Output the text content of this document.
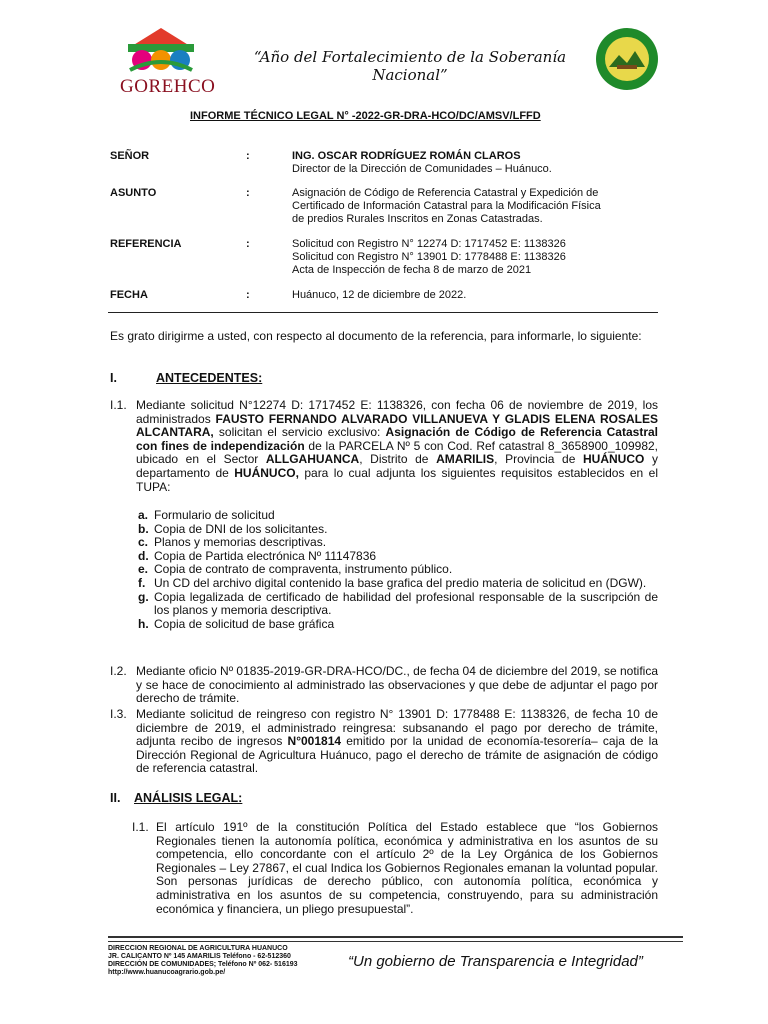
GOREHCO
“Año del Fortalecimiento de la Soberanía Nacional”
INFORME TÉCNICO LEGAL N° -2022-GR-DRA-HCO/DC/AMSV/LFFD
SEÑOR	:	ING. OSCAR RODRÍGUEZ ROMÁN CLAROS
Director de la Dirección de Comunidades – Huánuco.
ASUNTO	:	Asignación de Código de Referencia Catastral y Expedición de
Certificado de Información Catastral para la Modificación Física
de predios Rurales Inscritos en Zonas Catastradas.
REFERENCIA	:	Solicitud con Registro N° 12274 D: 1717452 E: 1138326
Solicitud con Registro N° 13901 D: 1778488 E: 1138326
Acta de Inspección de fecha 8 de marzo de 2021
FECHA	:	Huánuco, 12 de diciembre de 2022.
Es grato dirigirme a usted, con respecto al documento de la referencia, para informarle, lo siguiente:
I.	ANTECEDENTES:
I.1. Mediante solicitud N°12274 D: 1717452 E: 1138326, con fecha 06 de noviembre de 2019, los administrados FAUSTO FERNANDO ALVARADO VILLANUEVA Y GLADIS ELENA ROSALES ALCANTARA, solicitan el servicio exclusivo: Asignación de Código de Referencia Catastral con fines de independización de la PARCELA Nº 5 con Cod. Ref catastral 8_3658900_109982, ubicado en el Sector ALLGAHUANCA, Distrito de AMARILIS, Provincia de HUÁNUCO y departamento de HUÁNUCO, para lo cual adjunta los siguientes requisitos establecidos en el TUPA:
a. Formulario de solicitud
b. Copia de DNI de los solicitantes.
c. Planos y memorias descriptivas.
d. Copia de Partida electrónica Nº 11147836
e. Copia de contrato de compraventa, instrumento público.
f. Un CD del archivo digital contenido la base grafica del predio materia de solicitud en (DGW).
g. Copia legalizada de certificado de habilidad del profesional responsable de la suscripción de los planos y memoria descriptiva.
h. Copia de solicitud de base gráfica
I.2. Mediante oficio Nº 01835-2019-GR-DRA-HCO/DC., de fecha 04 de diciembre del 2019, se notifica y se hace de conocimiento al administrado las observaciones y que debe de adjuntar el pago por derecho de trámite.
I.3. Mediante solicitud de reingreso con registro N° 13901 D: 1778488 E: 1138326, de fecha 10 de diciembre de 2019, el administrado reingresa: subsanando el pago por derecho de trámite, adjunta recibo de ingresos N°001814 emitido por la unidad de economía-tesorería– caja de la Dirección Regional de Agricultura Huánuco, pago el derecho de trámite de asignación de código de referencia catastral.
II. ANÁLISIS LEGAL:
I.1. El artículo 191º de la constitución Política del Estado establece que “los Gobiernos Regionales tienen la autonomía política, económica y administrativa en los asuntos de su competencia, ello concordante con el artículo 2º de la Ley Orgánica de los Gobiernos Regionales – Ley 27867, el cual Indica los Gobiernos Regionales emanan la voluntad popular. Son personas jurídicas de derecho público, con autonomía política, económica y administrativa en los asuntos de su competencia, construyendo, para su administración económica y financiera, un pliego presupuestal”.
DIRECCION REGIONAL DE AGRICULTURA HUANUCO
JR. CALICANTO Nº 145 AMARILIS Teléfono - 62-512360
DIRECCIÓN DE COMUNIDADES; Teléfono Nº 062- 516193
http://www.huanucoagrario.gob.pe/
“Un gobierno de Transparencia e Integridad”
